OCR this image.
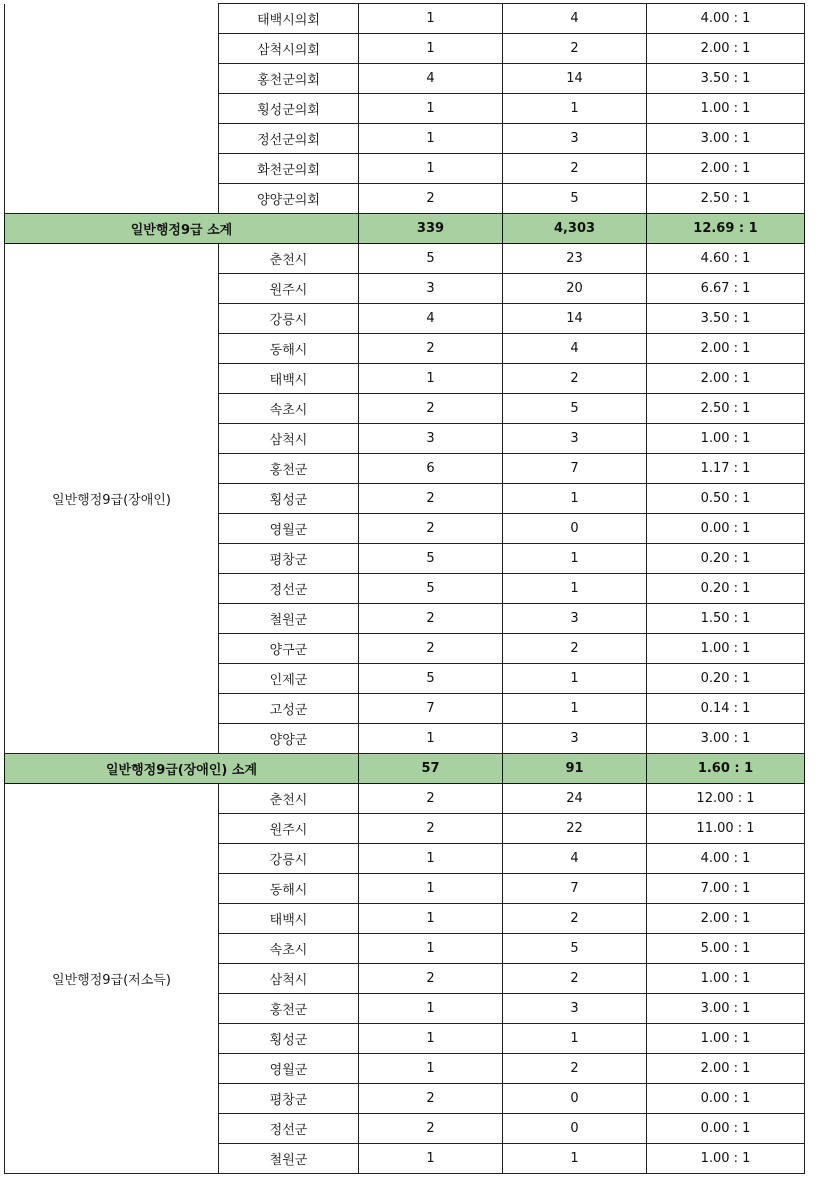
	태백시의회	1	4	4.00 : 1
	삼척시의회	1	2	2.00 : 1
	홍천군의회	4	14	3.50 : 1
	횡성군의회	1	1	1.00 : 1
	정선군의회	1	3	3.00 : 1
	화천군의회	1	2	2.00 : 1
	양양군의회	2	5	2.50 : 1
일반행정9급 소계		339	4,303	12.69 : 1
일반행정9급(장애인)	춘천시	5	23	4.60 : 1
	원주시	3	20	6.67 : 1
	강릉시	4	14	3.50 : 1
	동해시	2	4	2.00 : 1
	태백시	1	2	2.00 : 1
	속초시	2	5	2.50 : 1
	삼척시	3	3	1.00 : 1
	홍천군	6	7	1.17 : 1
	횡성군	2	1	0.50 : 1
	영월군	2	0	0.00 : 1
	평창군	5	1	0.20 : 1
	정선군	5	1	0.20 : 1
	철원군	2	3	1.50 : 1
	양구군	2	2	1.00 : 1
	인제군	5	1	0.20 : 1
	고성군	7	1	0.14 : 1
	양양군	1	3	3.00 : 1
일반행정9급(장애인) 소계		57	91	1.60 : 1
일반행정9급(저소득)	춘천시	2	24	12.00 : 1
	원주시	2	22	11.00 : 1
	강릉시	1	4	4.00 : 1
	동해시	1	7	7.00 : 1
	태백시	1	2	2.00 : 1
	속초시	1	5	5.00 : 1
	삼척시	2	2	1.00 : 1
	홍천군	1	3	3.00 : 1
	횡성군	1	1	1.00 : 1
	영월군	1	2	2.00 : 1
	평창군	2	0	0.00 : 1
	정선군	2	0	0.00 : 1
	철원군	1	1	1.00 : 1
